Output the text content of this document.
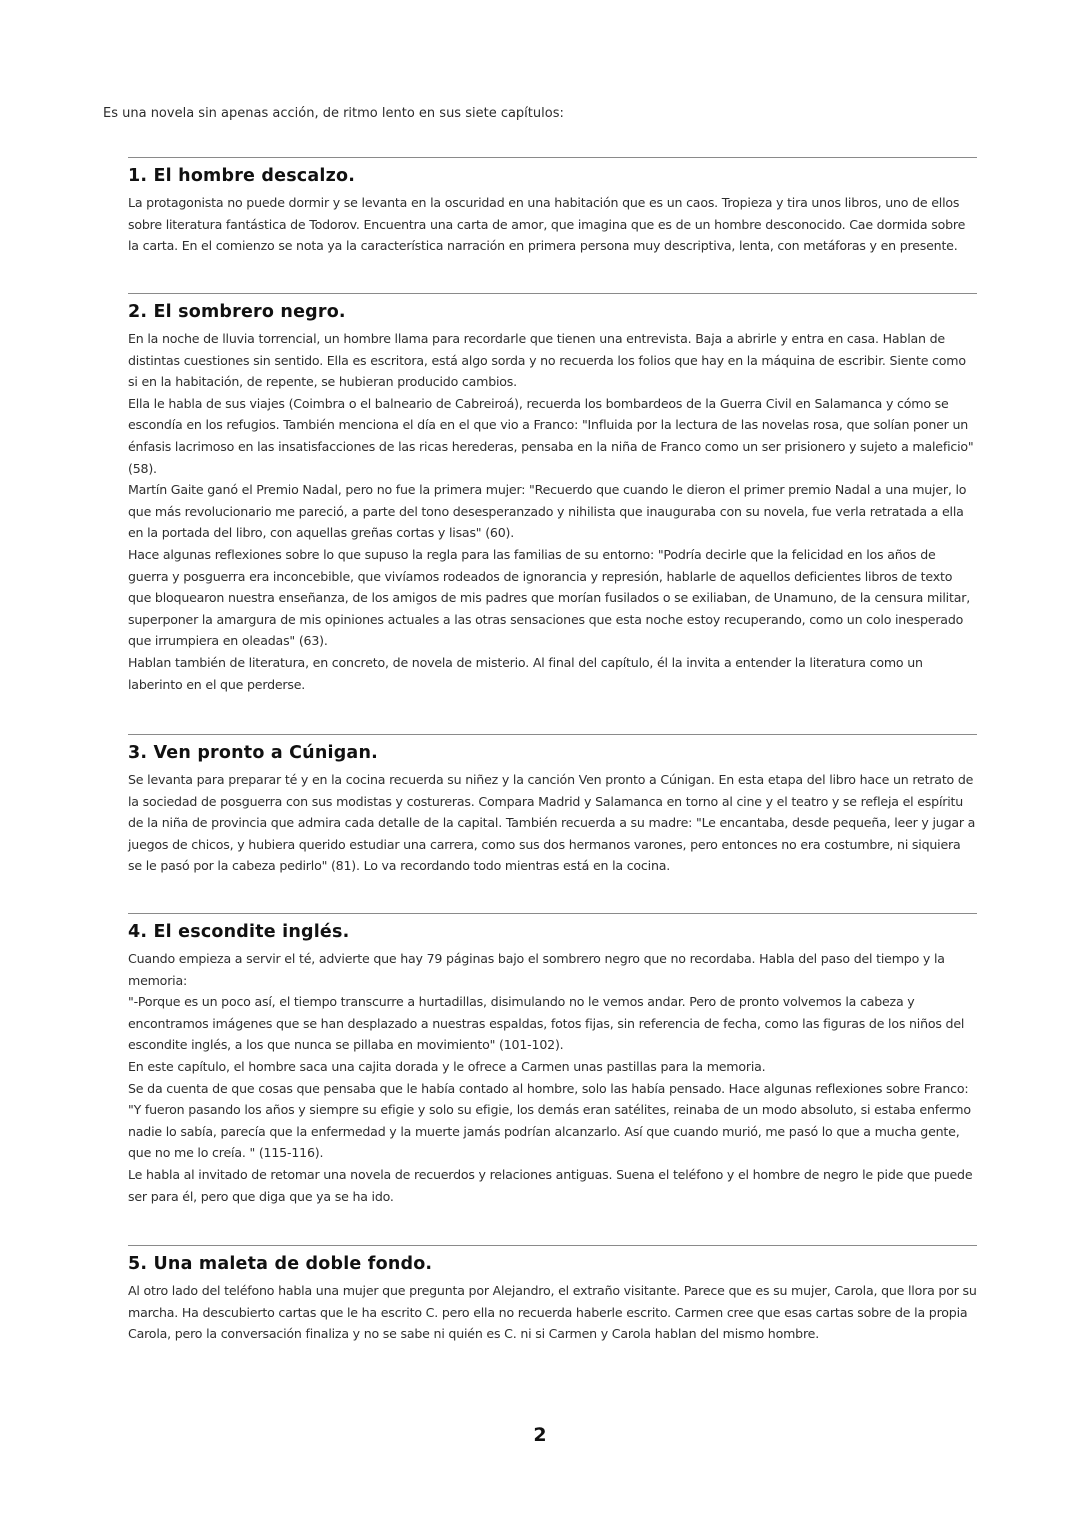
Es una novela sin apenas acción, de ritmo lento en sus siete capítulos:

1. El hombre descalzo.

La protagonista no puede dormir y se levanta en la oscuridad en una habitación que es un caos. Tropieza y tira unos libros, uno de ellos sobre literatura fantástica de Todorov. Encuentra una carta de amor, que imagina que es de un hombre desconocido. Cae dormida sobre la carta. En el comienzo se nota ya la característica narración en primera persona muy descriptiva, lenta, con metáforas y en presente.

2. El sombrero negro.

En la noche de lluvia torrencial, un hombre llama para recordarle que tienen una entrevista. Baja a abrirle y entra en casa. Hablan de distintas cuestiones sin sentido. Ella es escritora, está algo sorda y no recuerda los folios que hay en la máquina de escribir. Siente como si en la habitación, de repente, se hubieran producido cambios.

Ella le habla de sus viajes (Coimbra o el balneario de Cabreiroá), recuerda los bombardeos de la Guerra Civil en Salamanca y cómo se escondía en los refugios. También menciona el día en el que vio a Franco: "Influida por la lectura de las novelas rosa, que solían poner un énfasis lacrimoso en las insatisfacciones de las ricas herederas, pensaba en la niña de Franco como un ser prisionero y sujeto a maleficio" (58).

Martín Gaite ganó el Premio Nadal, pero no fue la primera mujer: "Recuerdo que cuando le dieron el primer premio Nadal a una mujer, lo que más revolucionario me pareció, a parte del tono desesperanzado y nihilista que inauguraba con su novela, fue verla retratada a ella en la portada del libro, con aquellas greñas cortas y lisas" (60).

Hace algunas reflexiones sobre lo que supuso la regla para las familias de su entorno: "Podría decirle que la felicidad en los años de guerra y posguerra era inconcebible, que vivíamos rodeados de ignorancia y represión, hablarle de aquellos deficientes libros de texto que bloquearon nuestra enseñanza, de los amigos de mis padres que morían fusilados o se exiliaban, de Unamuno, de la censura militar, superponer la amargura de mis opiniones actuales a las otras sensaciones que esta noche estoy recuperando, como un colo inesperado que irrumpiera en oleadas" (63).

Hablan también de literatura, en concreto, de novela de misterio. Al final del capítulo, él la invita a entender la literatura como un laberinto en el que perderse.

3. Ven pronto a Cúnigan.

Se levanta para preparar té y en la cocina recuerda su niñez y la canción Ven pronto a Cúnigan. En esta etapa del libro hace un retrato de la sociedad de posguerra con sus modistas y costureras. Compara Madrid y Salamanca en torno al cine y el teatro y se refleja el espíritu de la niña de provincia que admira cada detalle de la capital. También recuerda a su madre: "Le encantaba, desde pequeña, leer y jugar a juegos de chicos, y hubiera querido estudiar una carrera, como sus dos hermanos varones, pero entonces no era costumbre, ni siquiera se le pasó por la cabeza pedirlo" (81). Lo va recordando todo mientras está en la cocina.

4. El escondite inglés.

Cuando empieza a servir el té, advierte que hay 79 páginas bajo el sombrero negro que no recordaba. Habla del paso del tiempo y la memoria:

"-Porque es un poco así, el tiempo transcurre a hurtadillas, disimulando no le vemos andar. Pero de pronto volvemos la cabeza y encontramos imágenes que se han desplazado a nuestras espaldas, fotos fijas, sin referencia de fecha, como las figuras de los niños del escondite inglés, a los que nunca se pillaba en movimiento" (101-102).

En este capítulo, el hombre saca una cajita dorada y le ofrece a Carmen unas pastillas para la memoria.

Se da cuenta de que cosas que pensaba que le había contado al hombre, solo las había pensado. Hace algunas reflexiones sobre Franco:

"Y fueron pasando los años y siempre su efigie y solo su efigie, los demás eran satélites, reinaba de un modo absoluto, si estaba enfermo nadie lo sabía, parecía que la enfermedad y la muerte jamás podrían alcanzarlo. Así que cuando murió, me pasó lo que a mucha gente, que no me lo creía. " (115-116).

Le habla al invitado de retomar una novela de recuerdos y relaciones antiguas. Suena el teléfono y el hombre de negro le pide que puede ser para él, pero que diga que ya se ha ido.

5. Una maleta de doble fondo.

Al otro lado del teléfono habla una mujer que pregunta por Alejandro, el extraño visitante. Parece que es su mujer, Carola, que llora por su marcha. Ha descubierto cartas que le ha escrito C. pero ella no recuerda haberle escrito. Carmen cree que esas cartas sobre de la propia Carola, pero la conversación finaliza y no se sabe ni quién es C. ni si Carmen y Carola hablan del mismo hombre.

2
